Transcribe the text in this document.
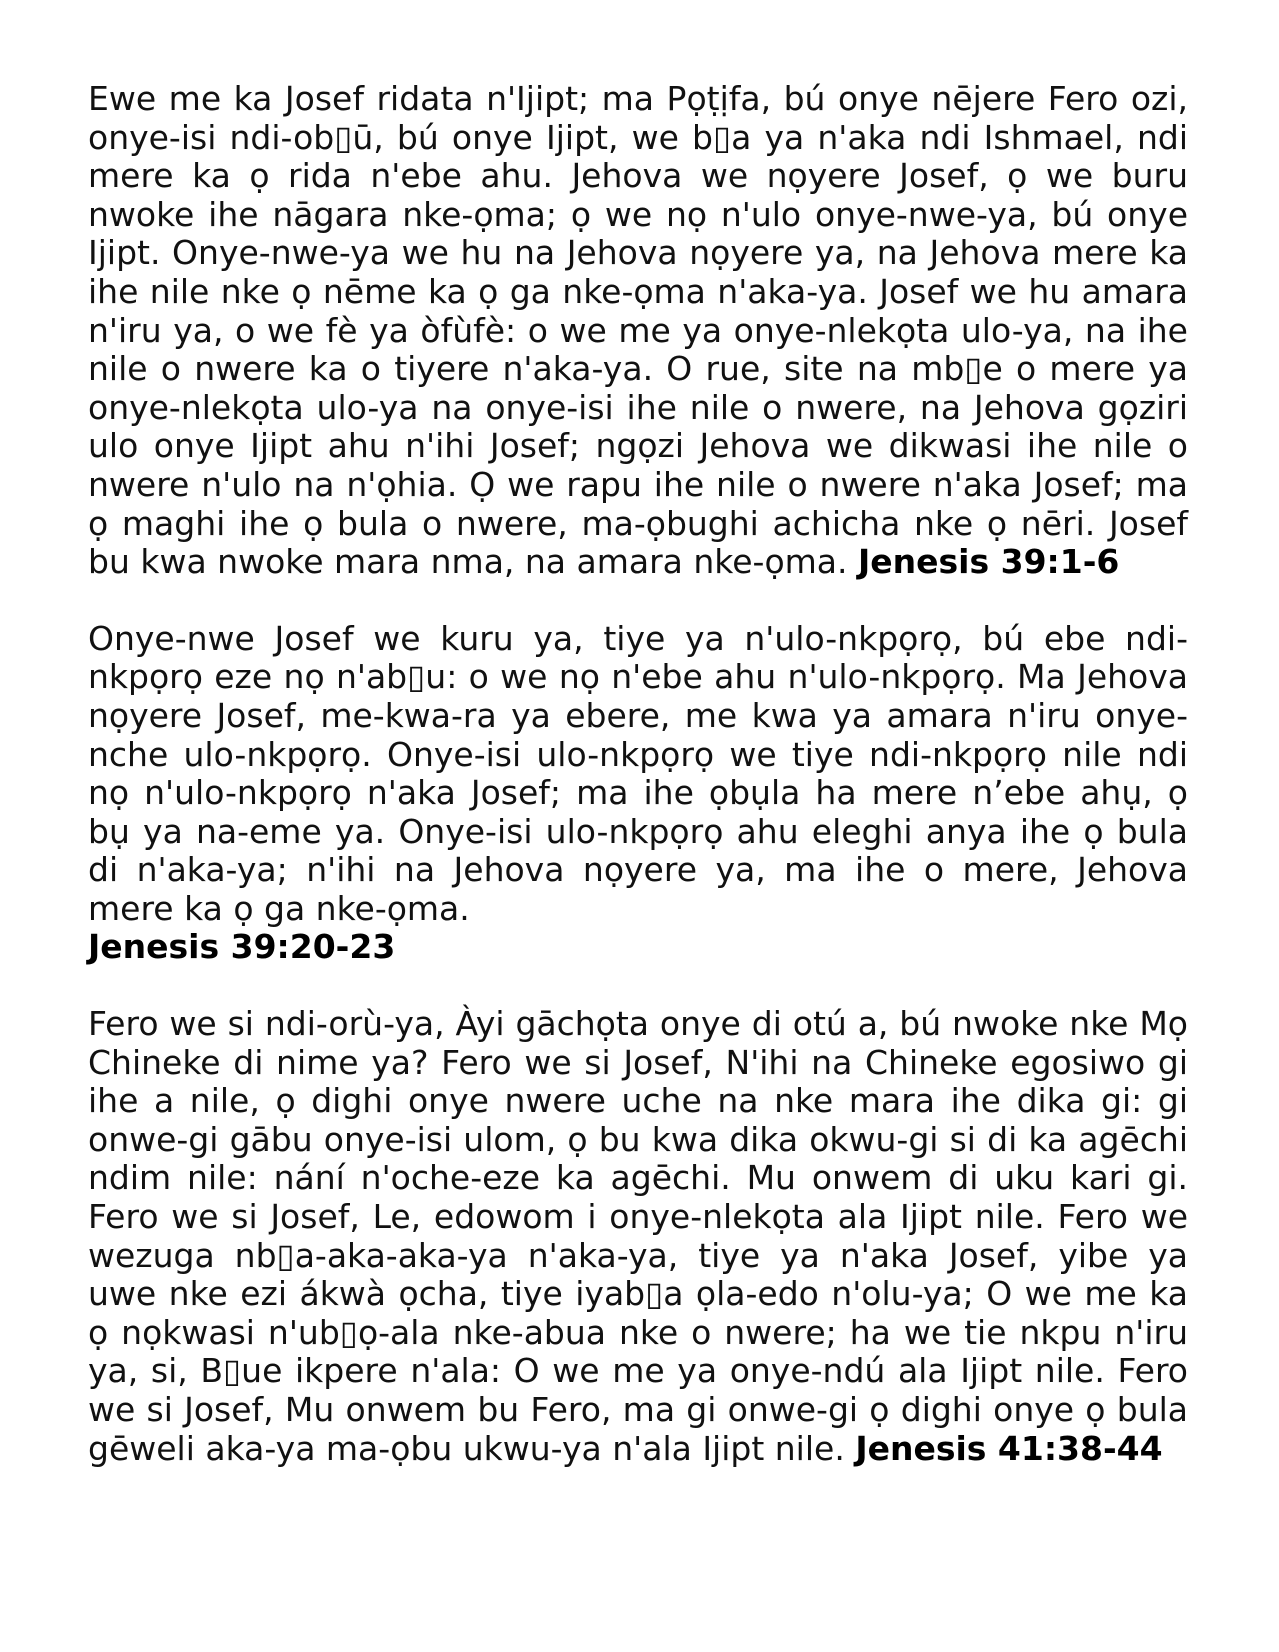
Ewe me ka Josef ridata n'Ijipt; ma Pọṭịfa, bú onye nējere Fero ozi, onye-isi ndi-ob▯ū, bú onye Ijipt, we b▯a ya n'aka ndi Ishmael, ndi mere ka ọ rida n'ebe ahu. Jehova we nọyere Josef, ọ we buru nwoke ihe nāgara nke-ọma; ọ we nọ n'ulo onye-nwe-ya, bú onye Ijipt. Onye-nwe-ya we hu na Jehova nọyere ya, na Jehova mere ka ihe nile nke ọ nēme ka ọ ga nke-ọma n'aka-ya. Josef we hu amara n'iru ya, o we fè ya òfùfè: o we me ya onye-nlekọta ulo-ya, na ihe nile o nwere ka o tiyere n'aka-ya. O rue, site na mb▯e o mere ya onye-nlekọta ulo-ya na onye-isi ihe nile o nwere, na Jehova gọziri ulo onye Ijipt ahu n'ihi Josef; ngọzi Jehova we dikwasi ihe nile o nwere n'ulo na n'ọhia. Ọ we rapu ihe nile o nwere n'aka Josef; ma ọ maghi ihe ọ bula o nwere, ma-ọbughi achicha nke ọ nēri. Josef bu kwa nwoke mara nma, na amara nke-ọma. Jenesis 39:1-6

Onye-nwe Josef we kuru ya, tiye ya n'ulo-nkpọrọ, bú ebe ndi-nkpọrọ eze nọ n'ab▯u: o we nọ n'ebe ahu n'ulo-nkpọrọ. Ma Jehova nọyere Josef, me-kwa-ra ya ebere, me kwa ya amara n'iru onye-nche ulo-nkpọrọ. Onye-isi ulo-nkpọrọ we tiye ndi-nkpọrọ nile ndi nọ n'ulo-nkpọrọ n'aka Josef; ma ihe ọbụla ha mere n’ebe ahụ, ọ bụ ya na-eme ya. Onye-isi ulo-nkpọrọ ahu eleghi anya ihe ọ bula di n'aka-ya; n'ihi na Jehova nọyere ya, ma ihe o mere, Jehova mere ka ọ ga nke-ọma.
Jenesis 39:20-23

Fero we si ndi-orù-ya, Àyi gāchọta onye di otú a, bú nwoke nke Mọ Chineke di nime ya? Fero we si Josef, N'ihi na Chineke egosiwo gi ihe a nile, ọ dighi onye nwere uche na nke mara ihe dika gi: gi onwe-gi gābu onye-isi ulom, ọ bu kwa dika okwu-gi si di ka agēchi ndim nile: nání n'oche-eze ka agēchi. Mu onwem di uku kari gi. Fero we si Josef, Le, edowom i onye-nlekọta ala Ijipt nile. Fero we wezuga nb▯a-aka-aka-ya n'aka-ya, tiye ya n'aka Josef, yibe ya uwe nke ezi ákwà ọcha, tiye iyab▯a ọla-edo n'olu-ya; O we me ka ọ nọkwasi n'ub▯ọ-ala nke-abua nke o nwere; ha we tie nkpu n'iru ya, si, B▯ue ikpere n'ala: O we me ya onye-ndú ala Ijipt nile. Fero we si Josef, Mu onwem bu Fero, ma gi onwe-gi ọ dighi onye ọ bula gēweli aka-ya ma-ọbu ukwu-ya n'ala Ijipt nile. Jenesis 41:38-44
